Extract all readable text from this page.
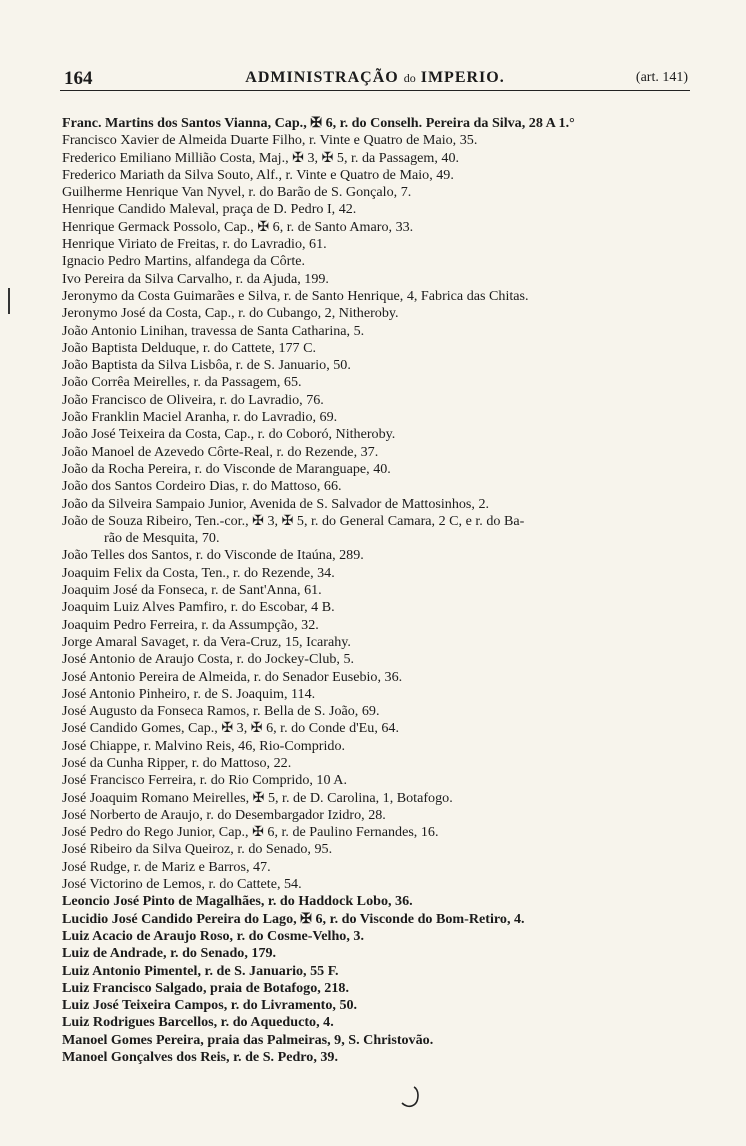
164	ADMINISTRAÇÃO do IMPERIO.	(art. 141)
Franc. Martins dos Santos Vianna, Cap., ✠ 6, r. do Conselh. Pereira da Silva, 28 A 1.°
Francisco Xavier de Almeida Duarte Filho, r. Vinte e Quatro de Maio, 35.
Frederico Emiliano Millião Costa, Maj., ✠ 3, ✠ 5, r. da Passagem, 40.
Frederico Mariath da Silva Souto, Alf., r. Vinte e Quatro de Maio, 49.
Guilherme Henrique Van Nyvel, r. do Barão de S. Gonçalo, 7.
Henrique Candido Maleval, praça de D. Pedro I, 42.
Henrique Germack Possolo, Cap., ✠ 6, r. de Santo Amaro, 33.
Henrique Viriato de Freitas, r. do Lavradio, 61.
Ignacio Pedro Martins, alfandega da Côrte.
Ivo Pereira da Silva Carvalho, r. da Ajuda, 199.
Jeronymo da Costa Guimarães e Silva, r. de Santo Henrique, 4, Fabrica das Chitas.
Jeronymo José da Costa, Cap., r. do Cubango, 2, Nitheroby.
João Antonio Linihan, travessa de Santa Catharina, 5.
João Baptista Delduque, r. do Cattete, 177 C.
João Baptista da Silva Lisbôa, r. de S. Januario, 50.
João Corrêa Meirelles, r. da Passagem, 65.
João Francisco de Oliveira, r. do Lavradio, 76.
João Franklin Maciel Aranha, r. do Lavradio, 69.
João José Teixeira da Costa, Cap., r. do Coboró, Nitheroby.
João Manoel de Azevedo Côrte-Real, r. do Rezende, 37.
João da Rocha Pereira, r. do Visconde de Maranguape, 40.
João dos Santos Cordeiro Dias, r. do Mattoso, 66.
João da Silveira Sampaio Junior, Avenida de S. Salvador de Mattosinhos, 2.
João de Souza Ribeiro, Ten.-cor., ✠ 3, ✠ 5, r. do General Camara, 2 C, e r. do Ba-
rão de Mesquita, 70.
João Telles dos Santos, r. do Visconde de Itaúna, 289.
Joaquim Felix da Costa, Ten., r. do Rezende, 34.
Joaquim José da Fonseca, r. de Sant'Anna, 61.
Joaquim Luiz Alves Pamfiro, r. do Escobar, 4 B.
Joaquim Pedro Ferreira, r. da Assumpção, 32.
Jorge Amaral Savaget, r. da Vera-Cruz, 15, Icarahy.
José Antonio de Araujo Costa, r. do Jockey-Club, 5.
José Antonio Pereira de Almeida, r. do Senador Eusebio, 36.
José Antonio Pinheiro, r. de S. Joaquim, 114.
José Augusto da Fonseca Ramos, r. Bella de S. João, 69.
José Candido Gomes, Cap., ✠ 3, ✠ 6, r. do Conde d'Eu, 64.
José Chiappe, r. Malvino Reis, 46, Rio-Comprido.
José da Cunha Ripper, r. do Mattoso, 22.
José Francisco Ferreira, r. do Rio Comprido, 10 A.
José Joaquim Romano Meirelles, ✠ 5, r. de D. Carolina, 1, Botafogo.
José Norberto de Araujo, r. do Desembargador Izidro, 28.
José Pedro do Rego Junior, Cap., ✠ 6, r. de Paulino Fernandes, 16.
José Ribeiro da Silva Queiroz, r. do Senado, 95.
José Rudge, r. de Mariz e Barros, 47.
José Victorino de Lemos, r. do Cattete, 54.
Leoncio José Pinto de Magalhães, r. do Haddock Lobo, 36.
Lucidio José Candido Pereira do Lago, ✠ 6, r. do Visconde do Bom-Retiro, 4.
Luiz Acacio de Araujo Roso, r. do Cosme-Velho, 3.
Luiz de Andrade, r. do Senado, 179.
Luiz Antonio Pimentel, r. de S. Januario, 55 F.
Luiz Francisco Salgado, praia de Botafogo, 218.
Luiz José Teixeira Campos, r. do Livramento, 50.
Luiz Rodrigues Barcellos, r. do Aqueducto, 4.
Manoel Gomes Pereira, praia das Palmeiras, 9, S. Christovão.
Manoel Gonçalves dos Reis, r. de S. Pedro, 39.
